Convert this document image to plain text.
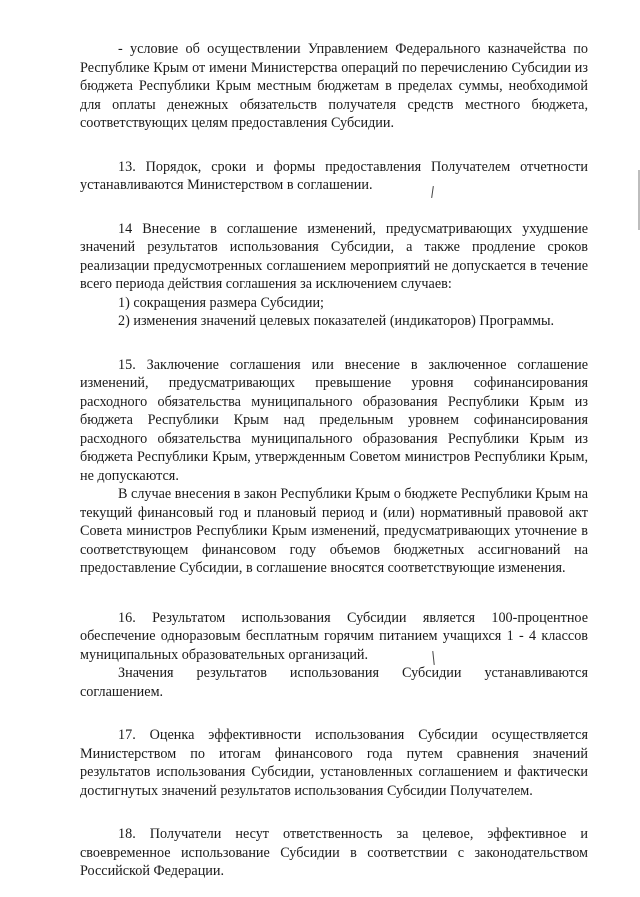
- условие об осуществлении Управлением Федерального казначейства по Республике Крым от имени Министерства операций по перечислению Субсидии из бюджета Республики Крым местным бюджетам в пределах суммы, необходимой для оплаты денежных обязательств получателя средств местного бюджета, соответствующих целям предоставления Субсидии.

13. Порядок, сроки и формы предоставления Получателем отчетности устанавливаются Министерством в соглашении.

14 Внесение в соглашение изменений, предусматривающих ухудшение значений результатов использования Субсидии, а также продление сроков реализации предусмотренных соглашением мероприятий не допускается в течение всего периода действия соглашения за исключением случаев:

1) сокращения размера Субсидии;

2) изменения значений целевых показателей (индикаторов) Программы.

15. Заключение соглашения или внесение в заключенное соглашение изменений, предусматривающих превышение уровня софинансирования расходного обязательства муниципального образования Республики Крым из бюджета Республики Крым над предельным уровнем софинансирования расходного обязательства муниципального образования Республики Крым из бюджета Республики Крым, утвержденным Советом министров Республики Крым, не допускаются.

В случае внесения в закон Республики Крым о бюджете Республики Крым на текущий финансовый год и плановый период и (или) нормативный правовой акт Совета министров Республики Крым изменений, предусматривающих уточнение в соответствующем финансовом году объемов бюджетных ассигнований на предоставление Субсидии, в соглашение вносятся соответствующие изменения.

16. Результатом использования Субсидии является 100-процентное обеспечение одноразовым бесплатным горячим питанием учащихся 1 - 4 классов муниципальных образовательных организаций.

Значения результатов использования Субсидии устанавливаются соглашением.

17. Оценка эффективности использования Субсидии осуществляется Министерством по итогам финансового года путем сравнения значений результатов использования Субсидии, установленных соглашением и фактически достигнутых значений результатов использования Субсидии Получателем.

18. Получатели несут ответственность за целевое, эффективное и своевременное использование Субсидии в соответствии с законодательством Российской Федерации.
